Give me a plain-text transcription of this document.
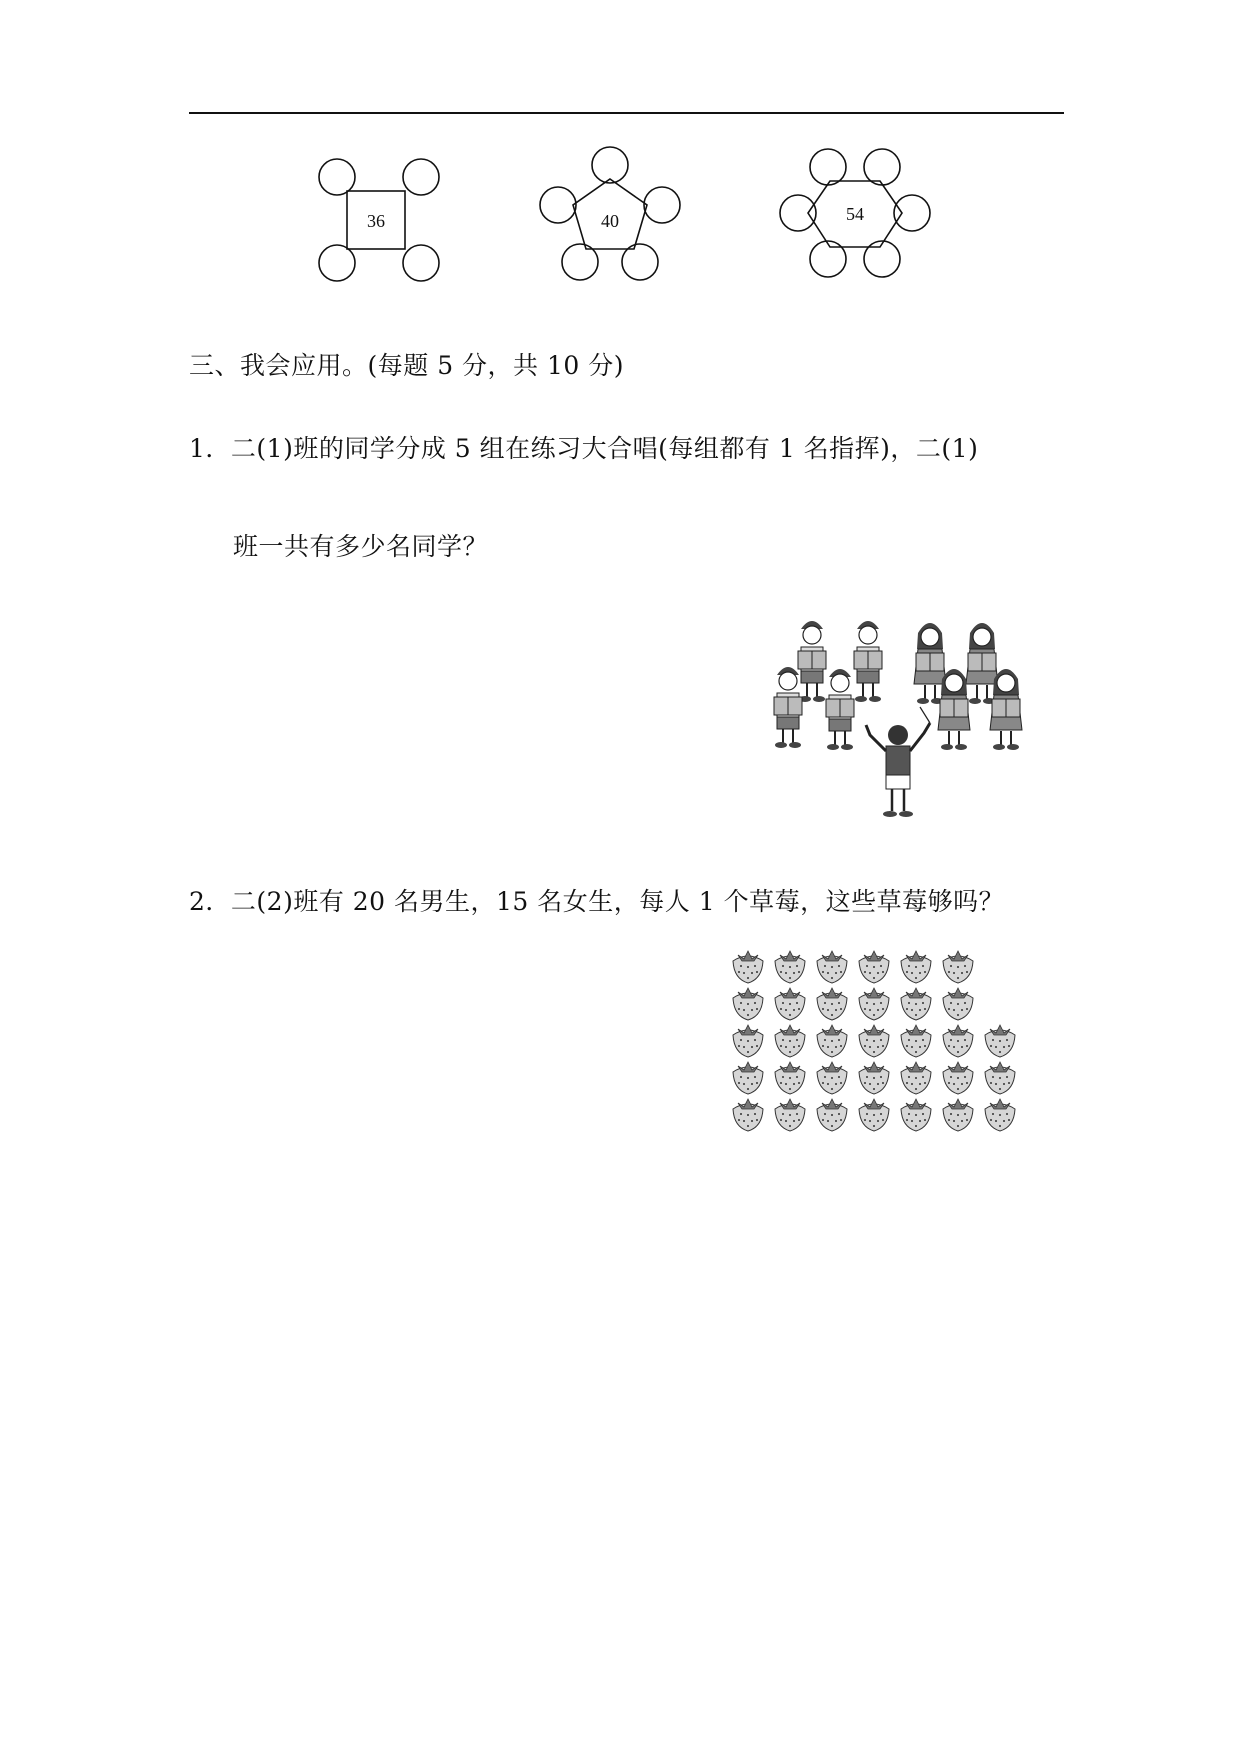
36	40	54
三、我会应用。(每题 5 分，共 10 分)
1．二(1)班的同学分成 5 组在练习大合唱(每组都有 1 名指挥)，二(1)
班一共有多少名同学？
2．二(2)班有 20 名男生，15 名女生，每人 1 个草莓，这些草莓够吗？
